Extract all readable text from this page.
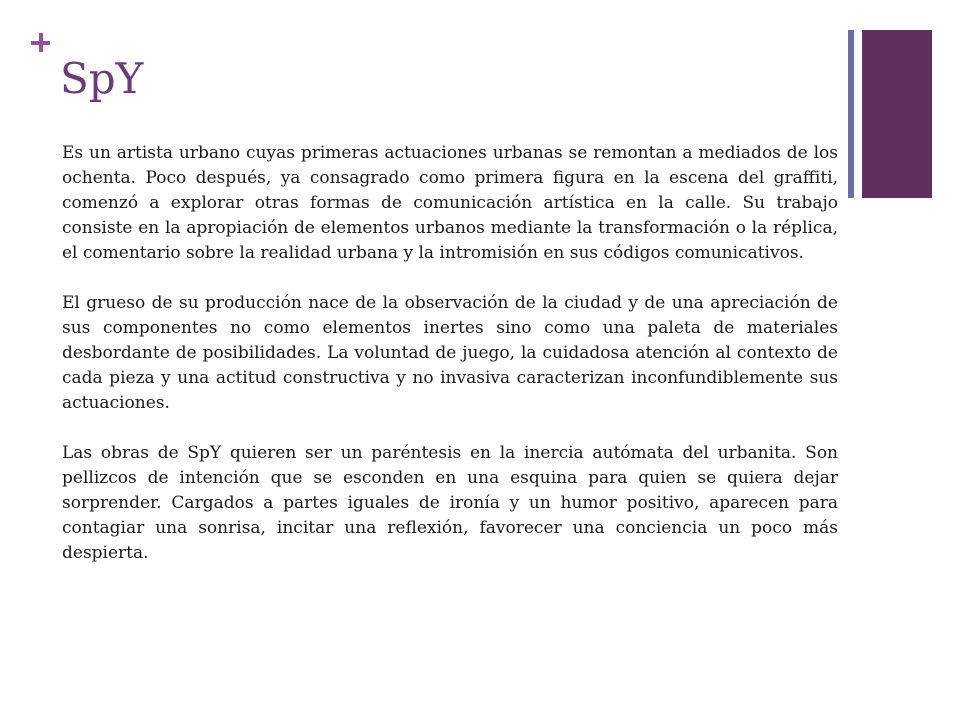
SpY

Es un artista urbano cuyas primeras actuaciones urbanas se remontan a mediados de los ochenta. Poco después, ya consagrado como primera figura en la escena del graffiti, comenzó a explorar otras formas de comunicación artística en la calle. Su trabajo consiste en la apropiación de elementos urbanos mediante la transformación o la réplica, el comentario sobre la realidad urbana y la intromisión en sus códigos comunicativos.

El grueso de su producción nace de la observación de la ciudad y de una apreciación de sus componentes no como elementos inertes sino como una paleta de materiales desbordante de posibilidades. La voluntad de juego, la cuidadosa atención al contexto de cada pieza y una actitud constructiva y no invasiva caracterizan inconfundiblemente sus actuaciones.

Las obras de SpY quieren ser un paréntesis en la inercia autómata del urbanita. Son pellizcos de intención que se esconden en una esquina para quien se quiera dejar sorprender. Cargados a partes iguales de ironía y un humor positivo, aparecen para contagiar una sonrisa, incitar una reflexión, favorecer una conciencia un poco más despierta.
